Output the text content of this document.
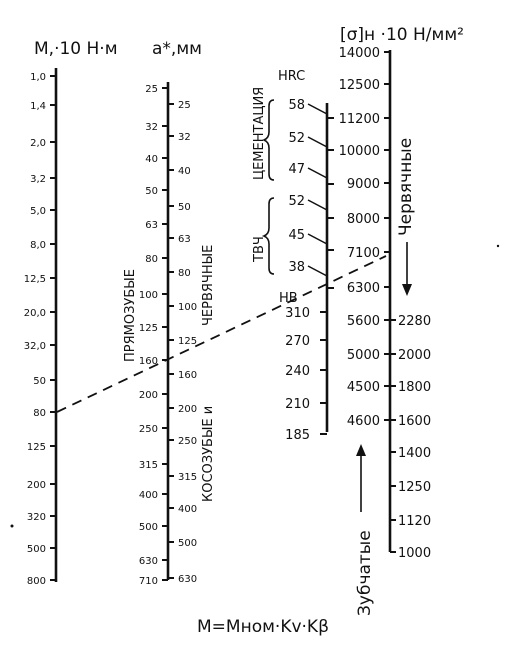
M,·10 Н·м a*,мм
[σ]н ·10 Н/мм²
1,0
1,4
2,0
3,2
5,0
8,0
12,5
20,0
32,0
50
80
125
200
320
500
800
25
32
40
50
63
80
100
125
160
200
250
315
400
500
630
710
25
32
40
50
63
80
100
125
160
200
250
315
400
500
630
58
52
47
52
45
38
310
270
240
210
185
14000
12500
11200
10000
9000
8000
7100
6300
5600
5000
4500
4600
2280
2000
1800
1600
1400
1250
1120
1000
ПРЯМОЗУБЫЕ	ЧЕРВЯЧНЫЕ
КОСОЗУБЫЕ и
HRC
ЦЕМЕНТАЦИЯ
ТВЧ
HB
Червячные
Зубчатые
M=Mном·Kv·Kβ
